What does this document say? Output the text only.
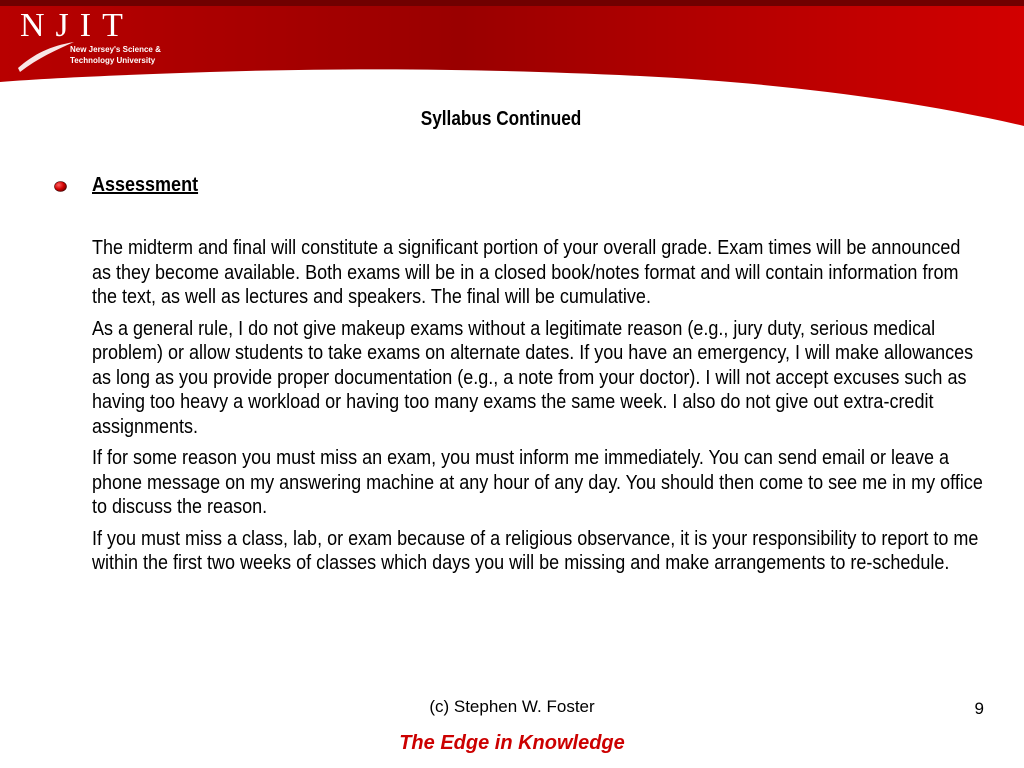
NJIT
New Jersey's Science & Technology University
Syllabus Continued
Assessment

The midterm and final will constitute a significant portion of your overall grade. Exam times will be announced as they become available. Both exams will be in a closed book/notes format and will contain information from the text, as well as lectures and speakers. The final will be cumulative.

As a general rule, I do not give makeup exams without a legitimate reason (e.g., jury duty, serious medical problem) or allow students to take exams on alternate dates. If you have an emergency, I will make allowances as long as you provide proper documentation (e.g., a note from your doctor). I will not accept excuses such as having too heavy a workload or having too many exams the same week. I also do not give out extra-credit assignments.

If for some reason you must miss an exam, you must inform me immediately. You can send email or leave a phone message on my answering machine at any hour of any day. You should then come to see me in my office to discuss the reason.

If you must miss a class, lab, or exam because of a religious observance, it is your responsibility to report to me within the first two weeks of classes which days you will be missing and make arrangements to re-schedule.

(c) Stephen W. Foster	9
The Edge in Knowledge
